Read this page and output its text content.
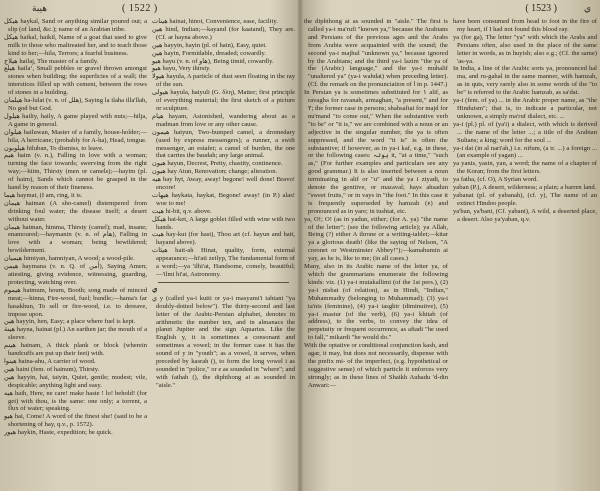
ﻫﻴﺒﺔ	( 1522 )

ﻫﻴﻜﻞ haykal, Sand or anything similar poured out; a slip (of land, &c.); name of an Arabian tribe.

ﻫﻴﻜﻞ haikal, haikil, Name of a goat that used to give milk to those who maltreated her, and to teach those kind to her;—hila, Terrors; a fearful business.

ﻫﻴﻼﺝ hailaj, The master of a family.

ﻫﻴﻠﻊ hailaʻ, Small pebbles or gravel thrown amongst stones when building; the superficies of a wall; the interstices filled up with cement, between the rows of stones in a building.

ﻫﻴﻠﻤﺎﻥ ha-lulat (v. n. of ﻫﻠﻞ), Saying la ilaha illa'llah, No god but God.

ﻫﻴﻠﻮﻝ hailiy, haily, A game played with nuts;—hilja, A game in general.

ﻫﻴﻠﻮﺍﻥ hailuwan, Master of a family, house-holder;—hila, A herricane; (probably for A-ha), Head, tongue.

ﻫﻴﻠﻮﺑﻮﻥ hiluban, To dismiss, to leave.

ﻫﻴﻢ haim (v. n.), Falling in love with a woman; turning the face towards; swerving from the right way;—hiim, Thirsty (men or camels);—hayim (pl. of haim), Sands which cannot be grasped in the hand by reason of their fineness.

ﻫﻴﻤﺎ haymat, (I am, ring, it is.

ﻫﻴﻤﺎﻥ haiman (A sho-camel) distempered from drinking foul water; the disease itself; a desert without water.

ﻫﻴﻤﺎﻥ haiman, himma, Thirsty (camel); mad, insane; enamoured;—haymanin (v. n. of ﻫﺎﻡ), Falling in love with a woman; being bewildered; bewilderment.

ﻫﻴﻤﻴﺎﻥ himiyan, hamniyan, A wood; a wood-pile.

ﻫﻴﻤﻦ haymana (v. n. Q. of ﺃﻣﻦ), Saying Amen; attesting, giving evidence, witnessing, guarding, protecting, watching over.

ﻫﻴﻤﻮﻡ haimum, houm, Booth; song made of minced meat;—hinna, Fire-wood, fuel; bundle;—hama's far hasakhun, To sell or fire-wood, i.e. to dereave, impose upon.

ﻫﻴﻦ hayyin, hen, Easy; a place where fuel is kept.

ﻫﻴﻨﺔ hayna, hainat (pl.) An earthen jar; the mouth of a sleeve.

ﻫﻴﻨﻢ hainam, A thick plank or block (wherein handcuffs are put up their feet) with.

ﻫﻴﻨﻮﺍ haina-ahu, A carrier of wood.

ﻫﻴﻦ haini (fem. of hainum), Thirsty.

ﻫﻴﻦ hayyin, hai, taiyin, Quiet, gentle; modest; vile, despicable; anything light and easy.

ﻫﻴﻪ haih, Here, ne care! make haste ! lo! behold! (for get) with thou, is the same: one only; a torrent, a flux of water; speaking.

ﻫﻴﻮ hai, Come! A word of the finest she! (said to be a shortening of hay, q.v., p. 1572).

ﻫﻴﻮﺭ haykin, Haste, expedition; be quick.

ﻫﻴﻨﺎﺕ hainat, hinot, Convenience, ease, facility.

ﻫﻴﻦ hind, Indian;—kayand (for kaatand), They are. (Cf. ar hayna above.)

ﻫﻴﻦ hayyin, hayin (pl. of hain), Easy, quiet.

ﻫﻴﻦ hayin, Formidable, dreaded; cowardly.

ﻫﻴﻮ hayu (v. n. of ﻫﺎﻭ), Being timid, cowardly.

ﻫﻴﻮ hayu, Very thirsty.

ﻫﻴﻮﻻ hayula, A particle of dust seen floating in the ray of the sun.

ﻫﻴﻮﻟﻰ hayula, haiyuli (G. δλη), Matter; first principle of everything material; the first sketch of a picture or sculpture.

ﻫﻴﺎﻡ hayam, Astonished, wandering about as a madman from love or any other cause.

ﻫﻴﻤﻮﻥ haiyun, Two-humped camel, a dromedary (used by express messengers); a runner, a swift messenger, an estafet; a camel of burden, the one that carries the baudah; any large animal.

ﻫﻴﻮﻥ hayun, Decrest, Pretty, chastity, continence.

ﻫﻴﻮﻥ hay Atun, Renovation; change; alteration.

ﻫﻴﻪ hay hyt, Away, away! begone! well done! Bravo! encore!

ﻫﻴﻬﺎﺕ haykata, haykat, Begone! away! (in P.) alas! woe to me!

ﻫﻴﺖ hi-bit, q.v. above.

ﻫﻴﻜﻞ hai-ket, A large goblet filled with wine with two hands.

ﻫﻴﺖ hay-kut (for hast), Thou art (cf. hayun and hatt, hayand above).

ﻫﻴﺌﺎﺕ hait-ah Hinat, quality, form, external appearance;—hi'ati zeilyp, The fundamental form of a word;—ya 'ilhi'at, Handsome, comely, beautiful;—'ilmi hi'at, Astronomy.

ﻱ

ﻱ y (called ya-i kutti or ya-i masyami'i tahtani "ya doubly-dotted below"). The thirty-second and last letter of the Arabic-Persian alphabet, denotes in arithmetic the number ten, and in almanacs the planet Jupiter and the sign Aquarius. Like the English y, it is sometimes a consonant and sometimes a vowel; in the former case it has the sound of y in "youth"; as a vowel, it serves, when preceded by kasrah (), to form the long vowel i as sounded in "police," or e as sounded in "where"; and with fathah (), the diphthong ai as sounded in "aisle."

( 1523 )	ﻱ

the diphthong ai as sounded in "aisle." The first is called ya-i ma'rufi "known ya," because the Arabians and Persians of the previous ages and the Arabs from Arabia were acquainted with the sound; the second ya-i majhul "unknown ya," because ignored by the Arabians; and the third ya-i lazim "the ya of the (Arabic) language," and the ya-i muhalif "unaltered ya" (ya-i wahdat) when preceding letter). (Cf. the remark on the pronunciation of ا in p. 1447.)

In Persian ya is sometimes substituted for ۱ alif, as ravagha for ravanah, armaghan, "a present," and for ۲; the former case in persons; shahsaftai for majd for nu'mand "to come out," When the substantive verb "to be" or "it is," we are combined with a noun or an adjective in the singular number, the ya is often suppressed, and the word "it is" is often the substantive; if however, as in ya-i kaf, e.g. in these, or the following cases: ہوتہ it, "at a time," "such as," (For further examples and particulars see any good grammar.) It is also inserted between a noun terminating in alif or "u" and the ya i ziyadi, to denote the genitive, or mazaval; hays ahsadun "sweet fruits," or in vays in "the foot." In this case it is frequently superseded by hamzah (ء) and pronounced as in yare; in tushtat, etc.

ya, O!; O! (as in yadun, either; (for A. ya) "the name of the letter"; (see the following article); ya Allah, Being (?) either A throne or a writing-tablet;—kitar ya a glorious death! (like the saying of Nelson, "A coronet or Westminster Abbey!");—kamahumin ai yay, as he is, like to me; (in all cases.)

Many, also in its Arabic name of the letter ya, of which the grammarians enumerate the following kinds: viz. (1) ya-i mutakallimi (of the 1st pers.), (2) ya-i nisbat (of relation), as in Hindi, "Indian," Muhammadiy (belonging to Muhammad); (3) ya-i ta'nis (feminine), (4) ya-i tasghir (diminutive), (5) ya-i mastur (of the verb), (6) ya-i khitab (of address), to the verbs, to convey the idea of perpetuity or frequent occurrence, as aftadi "he used to fall," mikardi "he would do."

With the optative or conditional conjunction kash, and agar, it may, but does not necessarily, dispense with the prefix mi- of the imperfect, (e.g. hypothetical or suggestive sense) of which particle it enforces very strongly; as in these lines of Shaikh Auhadu 'd-din Anwari:—

have been consumed from head to foot in the fire of my heart, if I had not found this blood ray.

ya (for ga), The letter "ya" with which the Arabs and Persians often, also used in the place of the same letter in words, as in huyish; also e.g.; (Cf. the same) 'as-ya.

In India, a line of the Arabic sorts ya, pronounced hal ma, and ru-gahal in the same manner, with hamzah, as in quts, very rarely also in some words of the "to be" is referred to the Arabic hamzah, as sa'dat.

ya-i (fem. of ya) ... in the Arabic proper name, as "the Hinduism"; that is, to indicate a particular, not unknown, a simply ma'ruf dialect, etc. ...

ya-i (pl.) pl. of (ya'i) a dialect, with which is derived ... the name of the letter ...; a title of the Arabian Sultans; a king; word for the soul ...

ya-i dat (in al nari'ah,) i.e. nifum, (a tr. ...) a foreign ... (an example of yagan) ...

ya yanis, yasin, yan, a word; the name of a chapter of the Koran; from the first letters.

ya fatha, (cf. O), A Syrian word.

yaban (P.), A desert, wilderness; a plain; a barren land.

yabanat (pl. of yabanah), (cf. y), The name of an extinct Hindoo people.

ya'ban, ya'bani, (Cf. yabani), A wild, a deserted place, a desert. Also ya'yaban, q.v.
